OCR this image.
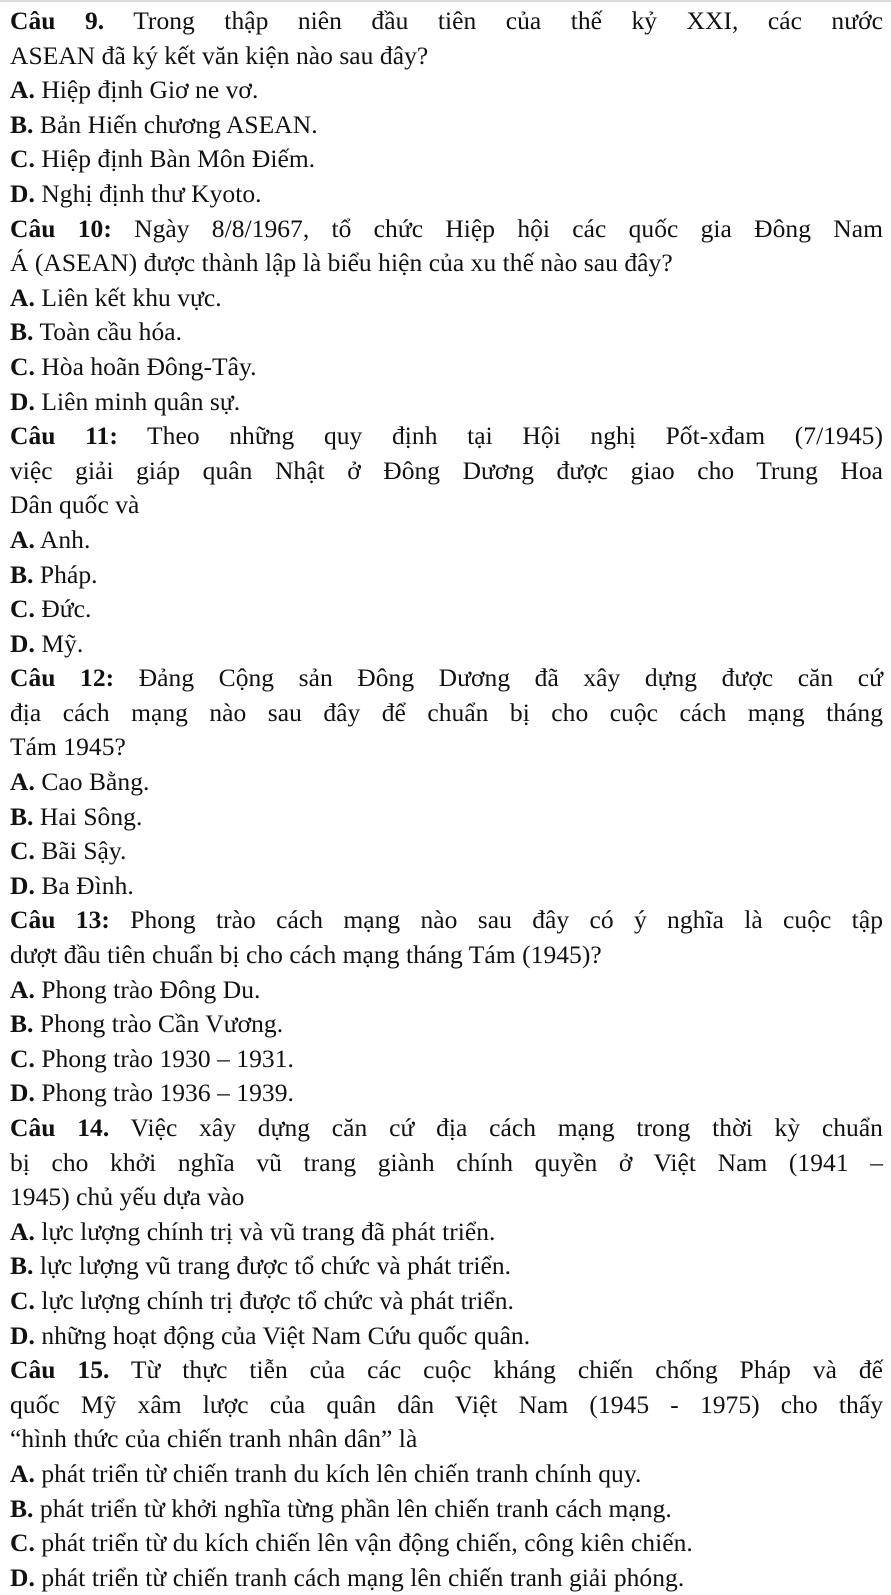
Câu 9. Trong thập niên đầu tiên của thế kỷ XXI, các nước
ASEAN đã ký kết văn kiện nào sau đây?
A. Hiệp định Giơ ne vơ.
B. Bản Hiến chương ASEAN.
C. Hiệp định Bàn Môn Điếm.
D. Nghị định thư Kyoto.
Câu 10: Ngày 8/8/1967, tổ chức Hiệp hội các quốc gia Đông Nam
Á (ASEAN) được thành lập là biểu hiện của xu thế nào sau đây?
A. Liên kết khu vực.
B. Toàn cầu hóa.
C. Hòa hoãn Đông-Tây.
D. Liên minh quân sự.
Câu 11: Theo những quy định tại Hội nghị Pốt-xđam (7/1945)
việc giải giáp quân Nhật ở Đông Dương được giao cho Trung Hoa
Dân quốc và
A. Anh.
B. Pháp.
C. Đức.
D. Mỹ.
Câu 12: Đảng Cộng sản Đông Dương đã xây dựng được căn cứ
địa cách mạng nào sau đây để chuẩn bị cho cuộc cách mạng tháng
Tám 1945?
A. Cao Bằng.
B. Hai Sông.
C. Bãi Sậy.
D. Ba Đình.
Câu 13: Phong trào cách mạng nào sau đây có ý nghĩa là cuộc tập
dượt đầu tiên chuẩn bị cho cách mạng tháng Tám (1945)?
A. Phong trào Đông Du.
B. Phong trào Cần Vương.
C. Phong trào 1930 – 1931.
D. Phong trào 1936 – 1939.
Câu 14. Việc xây dựng căn cứ địa cách mạng trong thời kỳ chuẩn
bị cho khởi nghĩa vũ trang giành chính quyền ở Việt Nam (1941 –
1945) chủ yếu dựa vào
A. lực lượng chính trị và vũ trang đã phát triển.
B. lực lượng vũ trang được tổ chức và phát triển.
C. lực lượng chính trị được tổ chức và phát triển.
D. những hoạt động của Việt Nam Cứu quốc quân.
Câu 15. Từ thực tiễn của các cuộc kháng chiến chống Pháp và đế
quốc Mỹ xâm lược của quân dân Việt Nam (1945 - 1975) cho thấy
“hình thức của chiến tranh nhân dân” là
A. phát triển từ chiến tranh du kích lên chiến tranh chính quy.
B. phát triển từ khởi nghĩa từng phần lên chiến tranh cách mạng.
C. phát triển từ du kích chiến lên vận động chiến, công kiên chiến.
D. phát triển từ chiến tranh cách mạng lên chiến tranh giải phóng.
